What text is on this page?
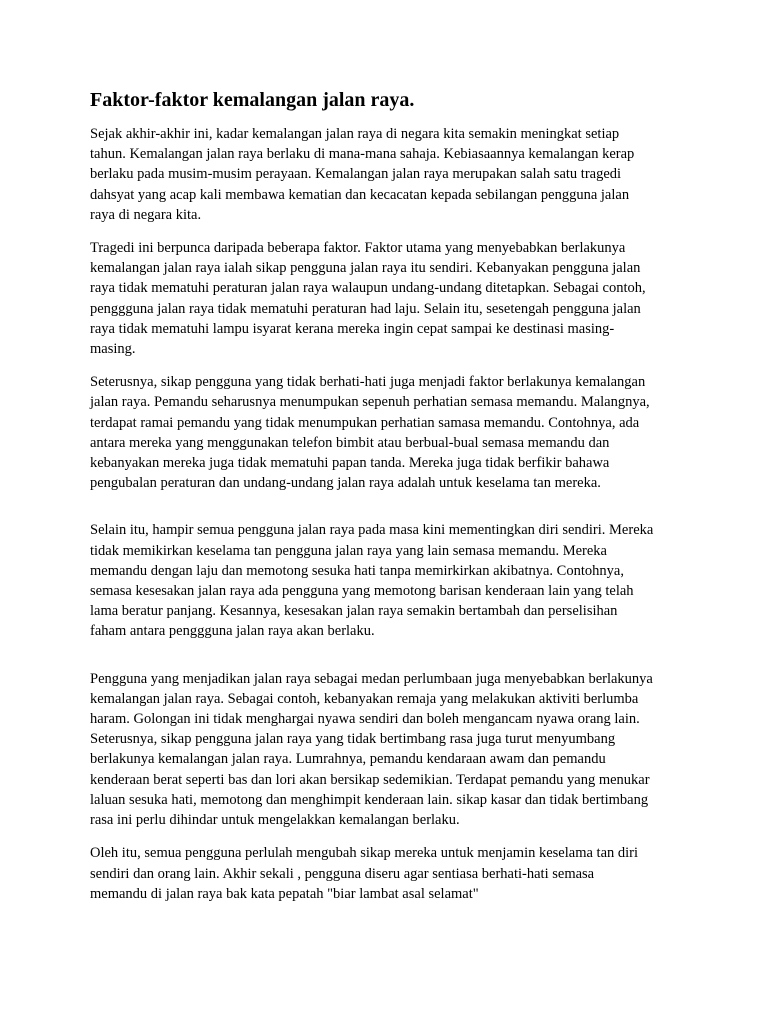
Faktor-faktor kemalangan jalan raya.

Sejak akhir-akhir ini, kadar kemalangan jalan raya di negara kita semakin meningkat setiap
tahun. Kemalangan jalan raya berlaku di mana-mana sahaja. Kebiasaannya kemalangan kerap
berlaku pada musim-musim perayaan. Kemalangan jalan raya merupakan salah satu tragedi
dahsyat yang acap kali membawa kematian dan kecacatan kepada sebilangan pengguna jalan
raya di negara kita.

Tragedi ini berpunca daripada beberapa faktor. Faktor utama yang menyebabkan berlakunya
kemalangan jalan raya ialah sikap pengguna jalan raya itu sendiri. Kebanyakan pengguna jalan
raya tidak mematuhi peraturan jalan raya walaupun undang-undang ditetapkan. Sebagai contoh,
penggguna jalan raya tidak mematuhi peraturan had laju. Selain itu, sesetengah pengguna jalan
raya tidak mematuhi lampu isyarat kerana mereka ingin cepat sampai ke destinasi masing-
masing.

Seterusnya, sikap pengguna yang tidak berhati-hati juga menjadi faktor berlakunya kemalangan
jalan raya. Pemandu seharusnya menumpukan sepenuh perhatian semasa memandu. Malangnya,
terdapat ramai pemandu yang tidak menumpukan perhatian samasa memandu. Contohnya, ada
antara mereka yang menggunakan telefon bimbit atau berbual-bual semasa memandu dan
kebanyakan mereka juga tidak mematuhi papan tanda. Mereka juga tidak berfikir bahawa
pengubalan peraturan dan undang-undang jalan raya adalah untuk keselama tan mereka.

Selain itu, hampir semua pengguna jalan raya pada masa kini mementingkan diri sendiri. Mereka
tidak memikirkan keselama tan pengguna jalan raya yang lain semasa memandu. Mereka
memandu dengan laju dan memotong sesuka hati tanpa memirkirkan akibatnya. Contohnya,
semasa kesesakan jalan raya ada pengguna yang memotong barisan kenderaan lain yang telah
lama beratur panjang. Kesannya, kesesakan jalan raya semakin bertambah dan perselisihan
faham antara penggguna jalan raya akan berlaku.

Pengguna yang menjadikan jalan raya sebagai medan perlumbaan juga menyebabkan berlakunya
kemalangan jalan raya. Sebagai contoh, kebanyakan remaja yang melakukan aktiviti berlumba
haram. Golongan ini tidak menghargai nyawa sendiri dan boleh mengancam nyawa orang lain.
Seterusnya, sikap pengguna jalan raya yang tidak bertimbang rasa juga turut menyumbang
berlakunya kemalangan jalan raya. Lumrahnya, pemandu kendaraan awam dan pemandu
kenderaan berat seperti bas dan lori akan bersikap sedemikian. Terdapat pemandu yang menukar
laluan sesuka hati, memotong dan menghimpit kenderaan lain. sikap kasar dan tidak bertimbang
rasa ini perlu dihindar untuk mengelakkan kemalangan berlaku.

Oleh itu, semua pengguna perlulah mengubah sikap mereka untuk menjamin keselama tan diri
sendiri dan orang lain. Akhir sekali , pengguna diseru agar sentiasa berhati-hati semasa
memandu di jalan raya bak kata pepatah "biar lambat asal selamat"
